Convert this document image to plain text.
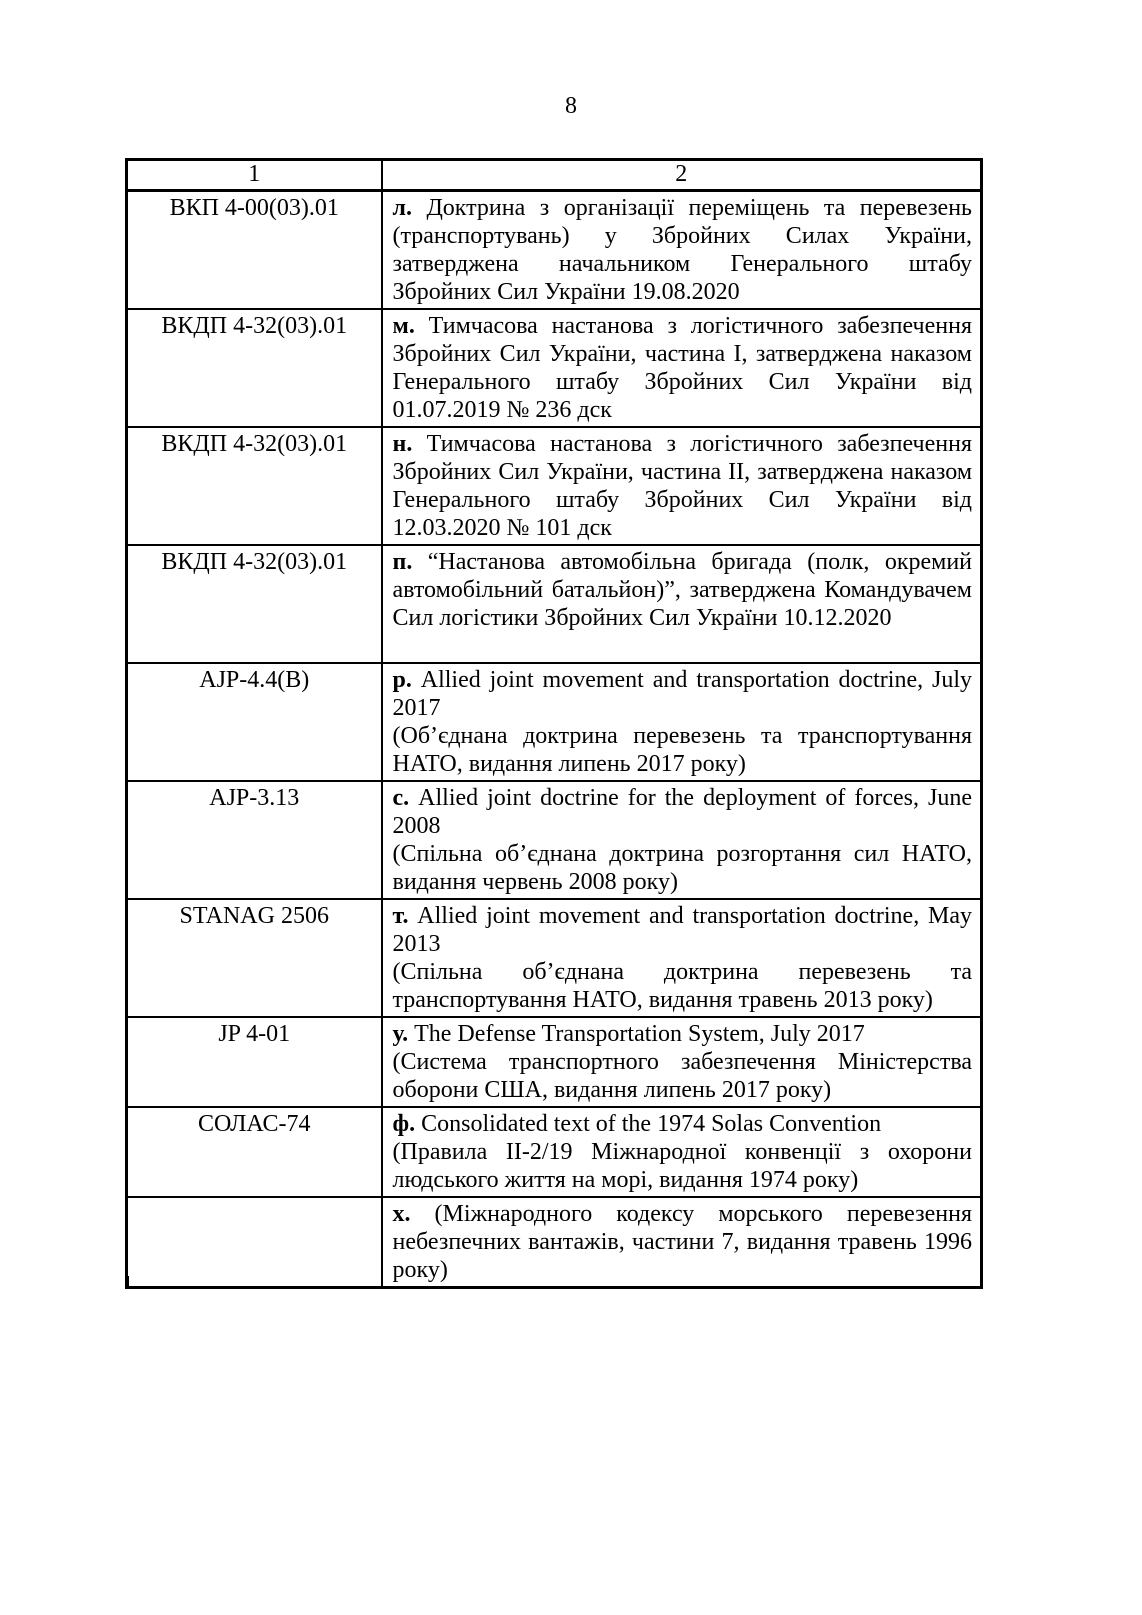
8
1	2
ВКП 4-00(03).01	л. Доктрина з організації переміщень та перевезень (транспортувань) у Збройних Силах України, затверджена начальником Генерального штабу Збройних Сил України 19.08.2020

ВКДП 4-32(03).01	м. Тимчасова настанова з логістичного забезпечення Збройних Сил України, частина I, затверджена наказом Генерального штабу Збройних Сил України від 01.07.2019 № 236 дск

ВКДП 4-32(03).01	н. Тимчасова настанова з логістичного забезпечення Збройних Сил України, частина II, затверджена наказом Генерального штабу Збройних Сил України від 12.03.2020 № 101 дск

ВКДП 4-32(03).01	п. “Настанова автомобільна бригада (полк, окремий автомобільний батальйон)”, затверджена Командувачем Сил логістики Збройних Сил України 10.12.2020

AJP-4.4(B)	р. Allied joint movement and transportation doctrine, July 2017

(Об’єднана доктрина перевезень та транспортування НАТО, видання липень 2017 року)

AJP-3.13	с. Allied joint doctrine for the deployment of forces, June 2008

(Спільна об’єднана доктрина розгортання сил НАТО, видання червень 2008 року)

STANAG 2506	т. Allied joint movement and transportation doctrine, May 2013

(Спільна об’єднана доктрина перевезень та транспортування НАТО, видання травень 2013 року)

JP 4-01	у. The Defense Transportation System, July 2017

(Система транспортного забезпечення Міністерства оборони США, видання липень 2017 року)

СОЛАС-74	ф. Consolidated text of the 1974 Solas Convention

(Правила II-2/19 Міжнародної конвенції з охорони людського життя на морі, видання 1974 року)

	х. (Міжнародного кодексу морського перевезення небезпечних вантажів, частини 7, видання травень 1996 року)
